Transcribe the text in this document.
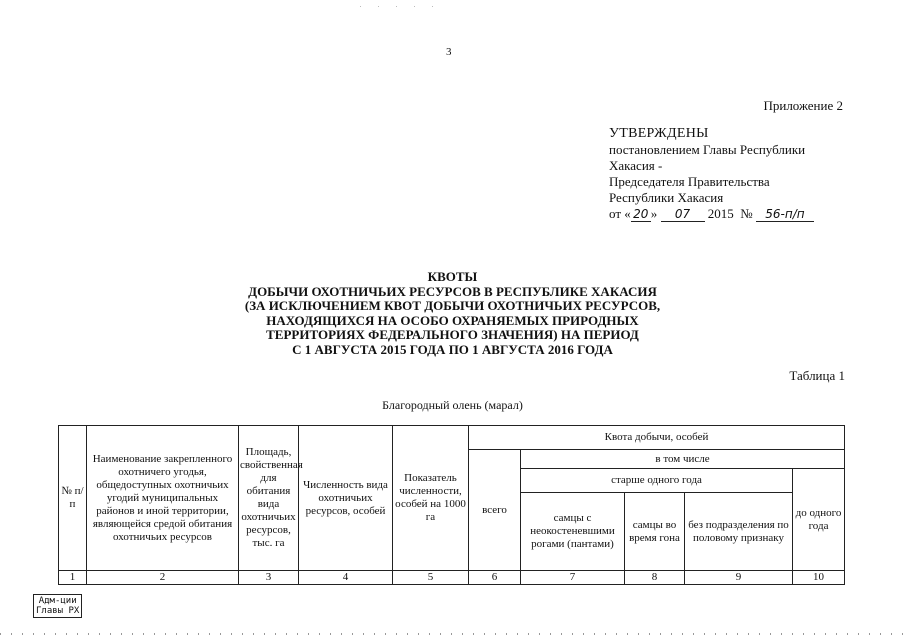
3
Приложение 2
УТВЕРЖДЕНЫ
постановлением Главы Республики
Хакасия -
Председателя Правительства
Республики Хакасия
от « 20 » 07 2015 № 56-п/п
КВОТЫ
ДОБЫЧИ ОХОТНИЧЬИХ РЕСУРСОВ В РЕСПУБЛИКЕ ХАКАСИЯ
(ЗА ИСКЛЮЧЕНИЕМ КВОТ ДОБЫЧИ ОХОТНИЧЬИХ РЕСУРСОВ,
НАХОДЯЩИХСЯ НА ОСОБО ОХРАНЯЕМЫХ ПРИРОДНЫХ
ТЕРРИТОРИЯХ ФЕДЕРАЛЬНОГО ЗНАЧЕНИЯ) НА ПЕРИОД
С 1 АВГУСТА 2015 ГОДА ПО 1 АВГУСТА 2016 ГОДА
Таблица 1
Благородный олень (марал)
№ п/ п	Наименование закрепленного охотничего угодья, общедоступных охотничьих угодий муниципальных районов и иной территории, являющейся средой обитания охотничьих ресурсов	Площадь, свойственная для обитания вида охотничьих ресурсов, тыс. га	Численность вида охотничьих ресурсов, особей	Показатель численности, особей на 1000 га	Квота добычи, особей				
					всего	в том числе			
						старше одного года			до одного года
						самцы с неокостеневшими рогами (пантами)	самцы во время гона	без подразделения по половому признаку	
1	2	3	4	5	6	7	8	9	10
Адм-ции
Главы РХ
